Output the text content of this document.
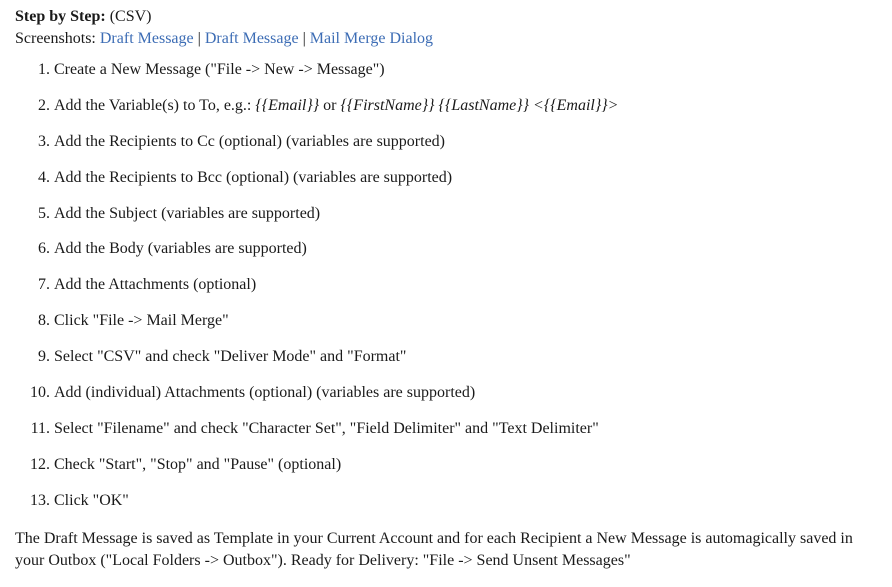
Step by Step: (CSV)
Screenshots: Draft Message | Draft Message | Mail Merge Dialog
1. Create a New Message ("File -> New -> Message")
2. Add the Variable(s) to To, e.g.: {{Email}} or {{FirstName}} {{LastName}} <{{Email}}>
3. Add the Recipients to Cc (optional) (variables are supported)
4. Add the Recipients to Bcc (optional) (variables are supported)
5. Add the Subject (variables are supported)
6. Add the Body (variables are supported)
7. Add the Attachments (optional)
8. Click "File -> Mail Merge"
9. Select "CSV" and check "Deliver Mode" and "Format"
10. Add (individual) Attachments (optional) (variables are supported)
11. Select "Filename" and check "Character Set", "Field Delimiter" and "Text Delimiter"
12. Check "Start", "Stop" and "Pause" (optional)
13. Click "OK"

The Draft Message is saved as Template in your Current Account and for each Recipient a New Message is automagically saved in your Outbox ("Local Folders -> Outbox"). Ready for Delivery: "File -> Send Unsent Messages"
